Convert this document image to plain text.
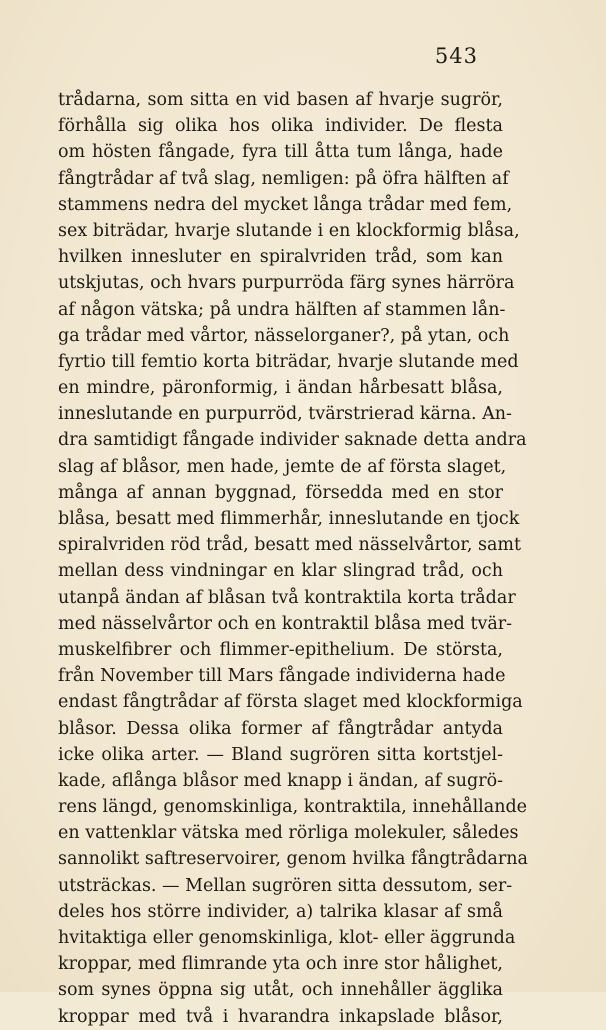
543
trådarna, som sitta en vid basen af hvarje sugrör,
förhålla sig olika hos olika individer. De flesta
om hösten fångade, fyra till åtta tum långa, hade
fångtrådar af två slag, nemligen: på öfra hälften af
stammens nedra del mycket långa trådar med fem,
sex biträdar, hvarje slutande i en klockformig blåsa,
hvilken innesluter en spiralvriden tråd, som kan
utskjutas, och hvars purpurröda färg synes härröra
af någon vätska; på undra hälften af stammen lån-
ga trådar med vårtor, nässelorganer?, på ytan, och
fyrtio till femtio korta biträdar, hvarje slutande med
en mindre, päronformig, i ändan hårbesatt blåsa,
inneslutande en purpurröd, tvärstrierad kärna. An-
dra samtidigt fångade individer saknade detta andra
slag af blåsor, men hade, jemte de af första slaget,
många af annan byggnad, försedda med en stor
blåsa, besatt med flimmerhår, inneslutande en tjock
spiralvriden röd tråd, besatt med nässelvårtor, samt
mellan dess vindningar en klar slingrad tråd, och
utanpå ändan af blåsan två kontraktila korta trådar
med nässelvårtor och en kontraktil blåsa med tvär-
muskelfibrer och flimmer-epithelium. De största,
från November till Mars fångade individerna hade
endast fångtrådar af första slaget med klockformiga
blåsor. Dessa olika former af fångtrådar antyda
icke olika arter. — Bland sugrören sitta kortstjel-
kade, aflånga blåsor med knapp i ändan, af sugrö-
rens längd, genomskinliga, kontraktila, innehållande
en vattenklar vätska med rörliga molekuler, således
sannolikt saftreservoirer, genom hvilka fångtrådarna
utsträckas. — Mellan sugrören sitta dessutom, ser-
deles hos större individer, a) talrika klasar af små
hvitaktiga eller genomskinliga, klot- eller äggrunda
kroppar, med flimrande yta och inre stor hålighet,
som synes öppna sig utåt, och innehåller ägglika
kroppar med två i hvarandra inkapslade blåsor,
